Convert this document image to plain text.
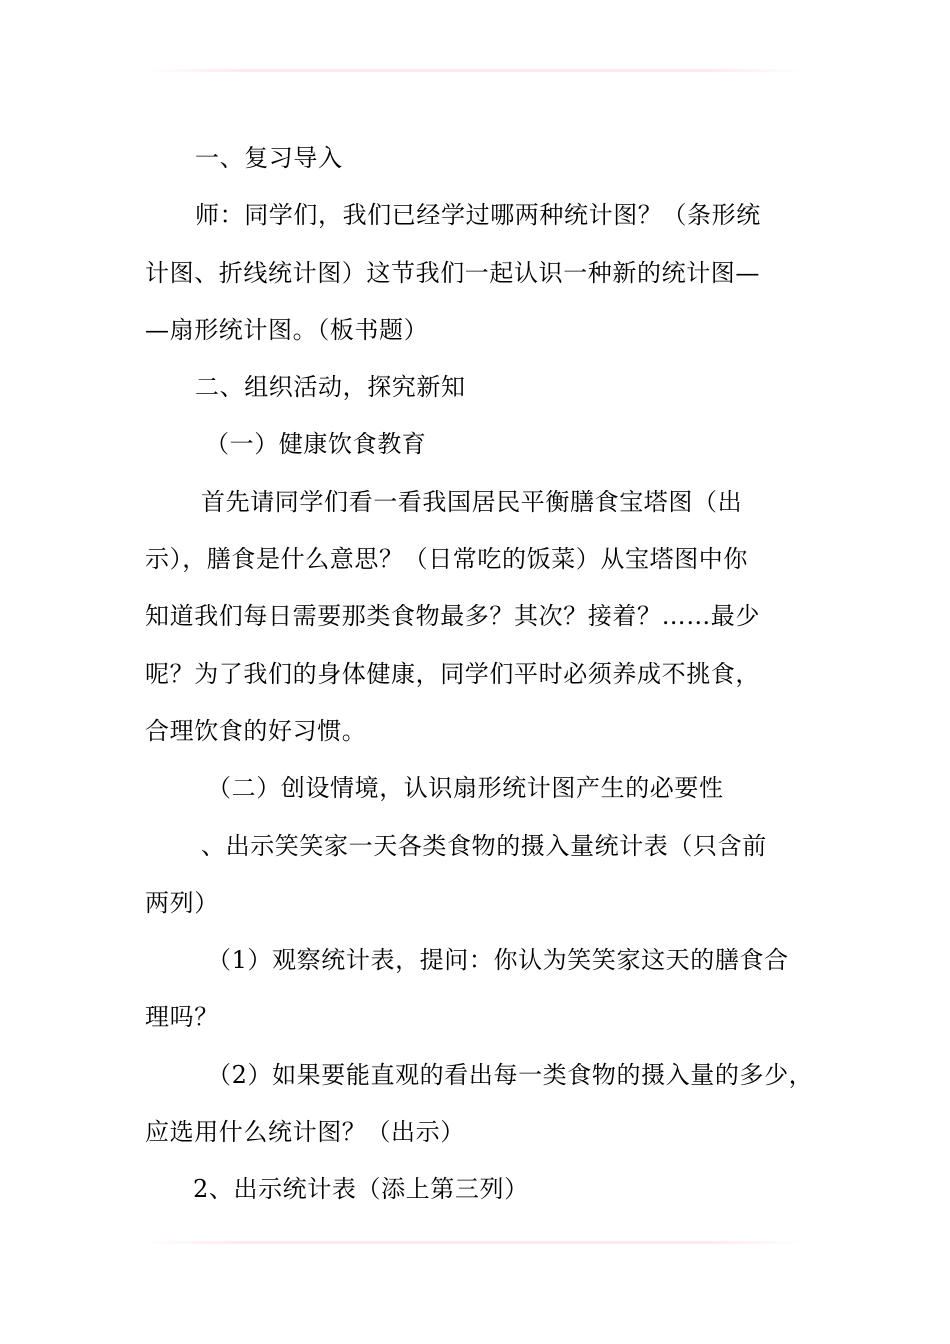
一、复习导入
师：同学们，我们已经学过哪两种统计图？（条形统
计图、折线统计图）这节我们一起认识一种新的统计图—
—扇形统计图。（板书题）
二、组织活动，探究新知
（一）健康饮食教育
首先请同学们看一看我国居民平衡膳食宝塔图（出
示），膳食是什么意思？（日常吃的饭菜）从宝塔图中你
知道我们每日需要那类食物最多？其次？接着？……最少
呢？为了我们的身体健康，同学们平时必须养成不挑食，
合理饮食的好习惯。
（二）创设情境，认识扇形统计图产生的必要性
、出示笑笑家一天各类食物的摄入量统计表（只含前
两列）
（1）观察统计表，提问：你认为笑笑家这天的膳食合
理吗？
（2）如果要能直观的看出每一类食物的摄入量的多少，
应选用什么统计图？（出示）
2、出示统计表（添上第三列）
